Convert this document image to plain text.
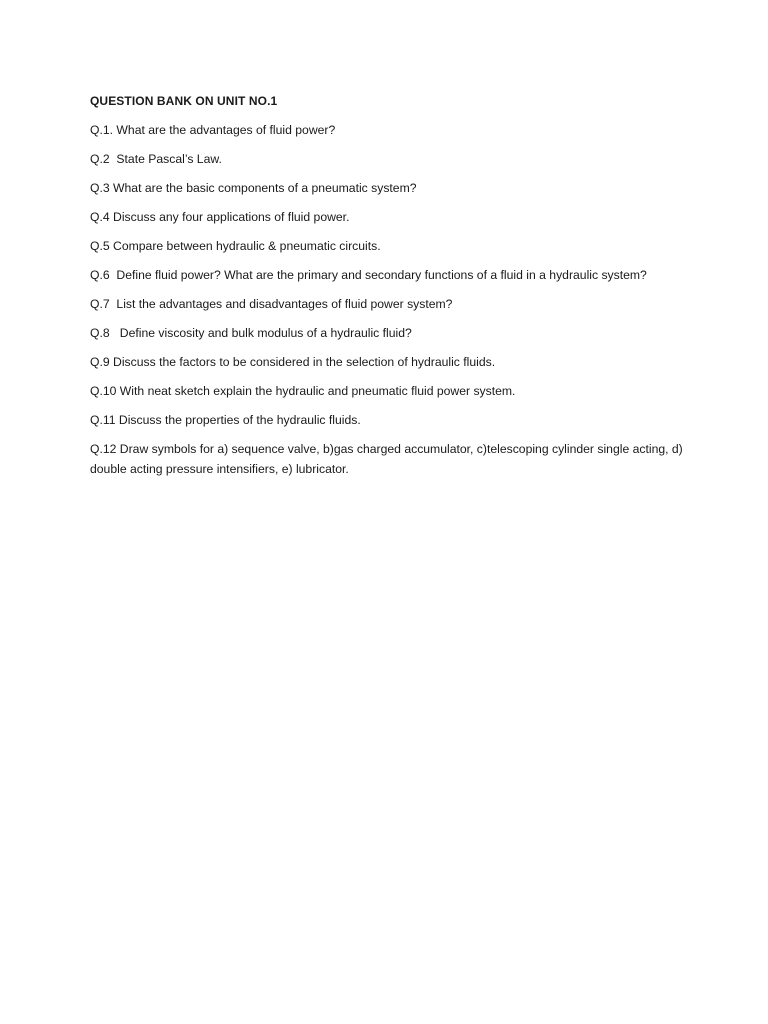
QUESTION BANK ON UNIT NO.1
Q.1. What are the advantages of fluid power?
Q.2  State Pascal’s Law.
Q.3 What are the basic components of a pneumatic system?
Q.4 Discuss any four applications of fluid power.
Q.5 Compare between hydraulic & pneumatic circuits.
Q.6  Define fluid power? What are the primary and secondary functions of a fluid in a hydraulic system?
Q.7  List the advantages and disadvantages of fluid power system?
Q.8   Define viscosity and bulk modulus of a hydraulic fluid?
Q.9 Discuss the factors to be considered in the selection of hydraulic fluids.
Q.10 With neat sketch explain the hydraulic and pneumatic fluid power system.
Q.11 Discuss the properties of the hydraulic fluids.
Q.12 Draw symbols for a) sequence valve, b)gas charged accumulator, c)telescoping cylinder single acting, d) double acting pressure intensifiers, e) lubricator.
